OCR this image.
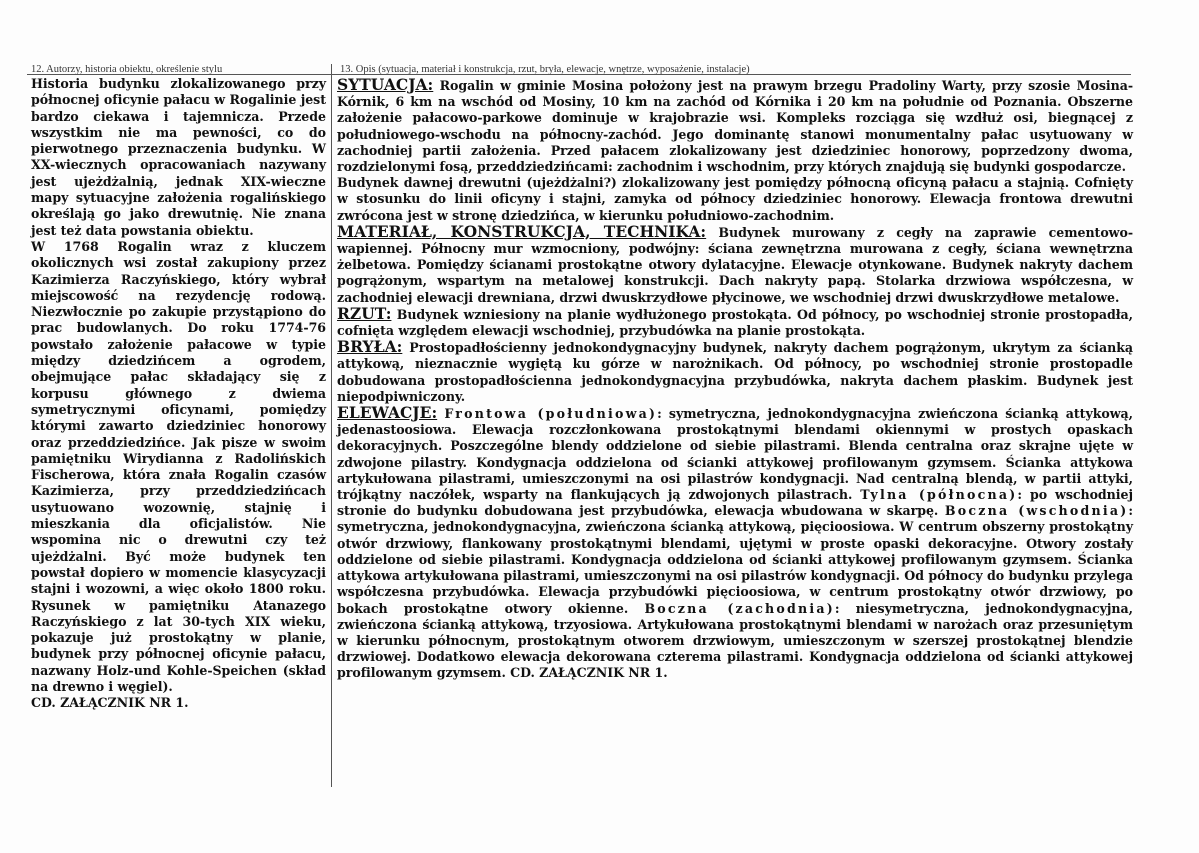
12. Autorzy, historia obiektu, określenie stylu	13. Opis (sytuacja, materiał i konstrukcja, rzut, bryła, elewacje, wnętrze, wyposażenie, instalacje)

Historia budynku zlokalizowanego przy północnej oficynie pałacu w Rogalinie jest bardzo ciekawa i tajemnicza. Przede wszystkim nie ma pewności, co do pierwotnego przeznaczenia budynku. W XX-wiecznych opracowaniach nazywany jest ujeżdżalnią, jednak XIX-wieczne mapy sytuacyjne założenia rogalińskiego określają go jako drewutnię. Nie znana jest też data powstania obiektu.

W 1768 Rogalin wraz z kluczem okolicznych wsi został zakupiony przez Kazimierza Raczyńskiego, który wybrał miejscowość na rezydencję rodową. Niezwłocznie po zakupie przystąpiono do prac budowlanych. Do roku 1774-76 powstało założenie pałacowe w typie między dziedzińcem a ogrodem, obejmujące pałac składający się z korpusu głównego z dwiema symetrycznymi oficynami, pomiędzy którymi zawarto dziedziniec honorowy oraz przeddziedzińce. Jak pisze w swoim pamiętniku Wirydianna z Radolińskich Fischerowa, która znała Rogalin czasów Kazimierza, przy przeddziedzińcach usytuowano wozownię, stajnię i mieszkania dla oficjalistów. Nie wspomina nic o drewutni czy też ujeżdżalni. Być może budynek ten powstał dopiero w momencie klasycyzacji stajni i wozowni, a więc około 1800 roku. Rysunek w pamiętniku Atanazego Raczyńskiego z lat 30-tych XIX wieku, pokazuje już prostokątny w planie, budynek przy północnej oficynie pałacu, nazwany Holz-und Kohle-Speichen (skład na drewno i węgiel).

CD. ZAŁĄCZNIK NR 1.

SYTUACJA: Rogalin w gminie Mosina położony jest na prawym brzegu Pradoliny Warty, przy szosie Mosina-Kórnik, 6 km na wschód od Mosiny, 10 km na zachód od Kórnika i 20 km na południe od Poznania. Obszerne założenie pałacowo-parkowe dominuje w krajobrazie wsi. Kompleks rozciąga się wzdłuż osi, biegnącej z południowego-wschodu na północny-zachód. Jego dominantę stanowi monumentalny pałac usytuowany w zachodniej partii założenia. Przed pałacem zlokalizowany jest dziedziniec honorowy, poprzedzony dwoma, rozdzielonymi fosą, przeddziedzińcami: zachodnim i wschodnim, przy których znajdują się budynki gospodarcze.

Budynek dawnej drewutni (ujeżdżalni?) zlokalizowany jest pomiędzy północną oficyną pałacu a stajnią. Cofnięty w stosunku do linii oficyny i stajni, zamyka od północy dziedziniec honorowy. Elewacja frontowa drewutni zwrócona jest w stronę dziedzińca, w kierunku południowo-zachodnim.

MATERIAŁ, KONSTRUKCJA, TECHNIKA: Budynek murowany z cegły na zaprawie cementowo-wapiennej. Północny mur wzmocniony, podwójny: ściana zewnętrzna murowana z cegły, ściana wewnętrzna żelbetowa. Pomiędzy ścianami prostokątne otwory dylatacyjne. Elewacje otynkowane. Budynek nakryty dachem pogrążonym, wspartym na metalowej konstrukcji. Dach nakryty papą. Stolarka drzwiowa współczesna, w zachodniej elewacji drewniana, drzwi dwuskrzydłowe płycinowe, we wschodniej drzwi dwuskrzydłowe metalowe.

RZUT: Budynek wzniesiony na planie wydłużonego prostokąta. Od północy, po wschodniej stronie prostopadła, cofnięta względem elewacji wschodniej, przybudówka na planie prostokąta.

BRYŁA: Prostopadłościenny jednokondygnacyjny budynek, nakryty dachem pogrążonym, ukrytym za ścianką attykową, nieznacznie wygiętą ku górze w narożnikach. Od północy, po wschodniej stronie prostopadle dobudowana prostopadłościenna jednokondygnacyjna przybudówka, nakryta dachem płaskim. Budynek jest niepodpiwniczony.

ELEWACJE: Frontowa (południowa): symetryczna, jednokondygnacyjna zwieńczona ścianką attykową, jedenastoosiowa. Elewacja rozczłonkowana prostokątnymi blendami okiennymi w prostych opaskach dekoracyjnych. Poszczególne blendy oddzielone od siebie pilastrami. Blenda centralna oraz skrajne ujęte w zdwojone pilastry. Kondygnacja oddzielona od ścianki attykowej profilowanym gzymsem. Ścianka attykowa artykułowana pilastrami, umieszczonymi na osi pilastrów kondygnacji. Nad centralną blendą, w partii attyki, trójkątny naczółek, wsparty na flankujących ją zdwojonych pilastrach. Tylna (północna): po wschodniej stronie do budynku dobudowana jest przybudówka, elewacja wbudowana w skarpę. Boczna (wschodnia): symetryczna, jednokondygnacyjna, zwieńczona ścianką attykową, pięcioosiowa. W centrum obszerny prostokątny otwór drzwiowy, flankowany prostokątnymi blendami, ujętymi w proste opaski dekoracyjne. Otwory zostały oddzielone od siebie pilastrami. Kondygnacja oddzielona od ścianki attykowej profilowanym gzymsem. Ścianka attykowa artykułowana pilastrami, umieszczonymi na osi pilastrów kondygnacji. Od północy do budynku przylega współczesna przybudówka. Elewacja przybudówki pięcioosiowa, w centrum prostokątny otwór drzwiowy, po bokach prostokątne otwory okienne. Boczna (zachodnia): niesymetryczna, jednokondygnacyjna, zwieńczona ścianką attykową, trzyosiowa. Artykułowana prostokątnymi blendami w narożach oraz przesuniętym w kierunku północnym, prostokątnym otworem drzwiowym, umieszczonym w szerszej prostokątnej blendzie drzwiowej. Dodatkowo elewacja dekorowana czterema pilastrami. Kondygnacja oddzielona od ścianki attykowej profilowanym gzymsem. CD. ZAŁĄCZNIK NR 1.
